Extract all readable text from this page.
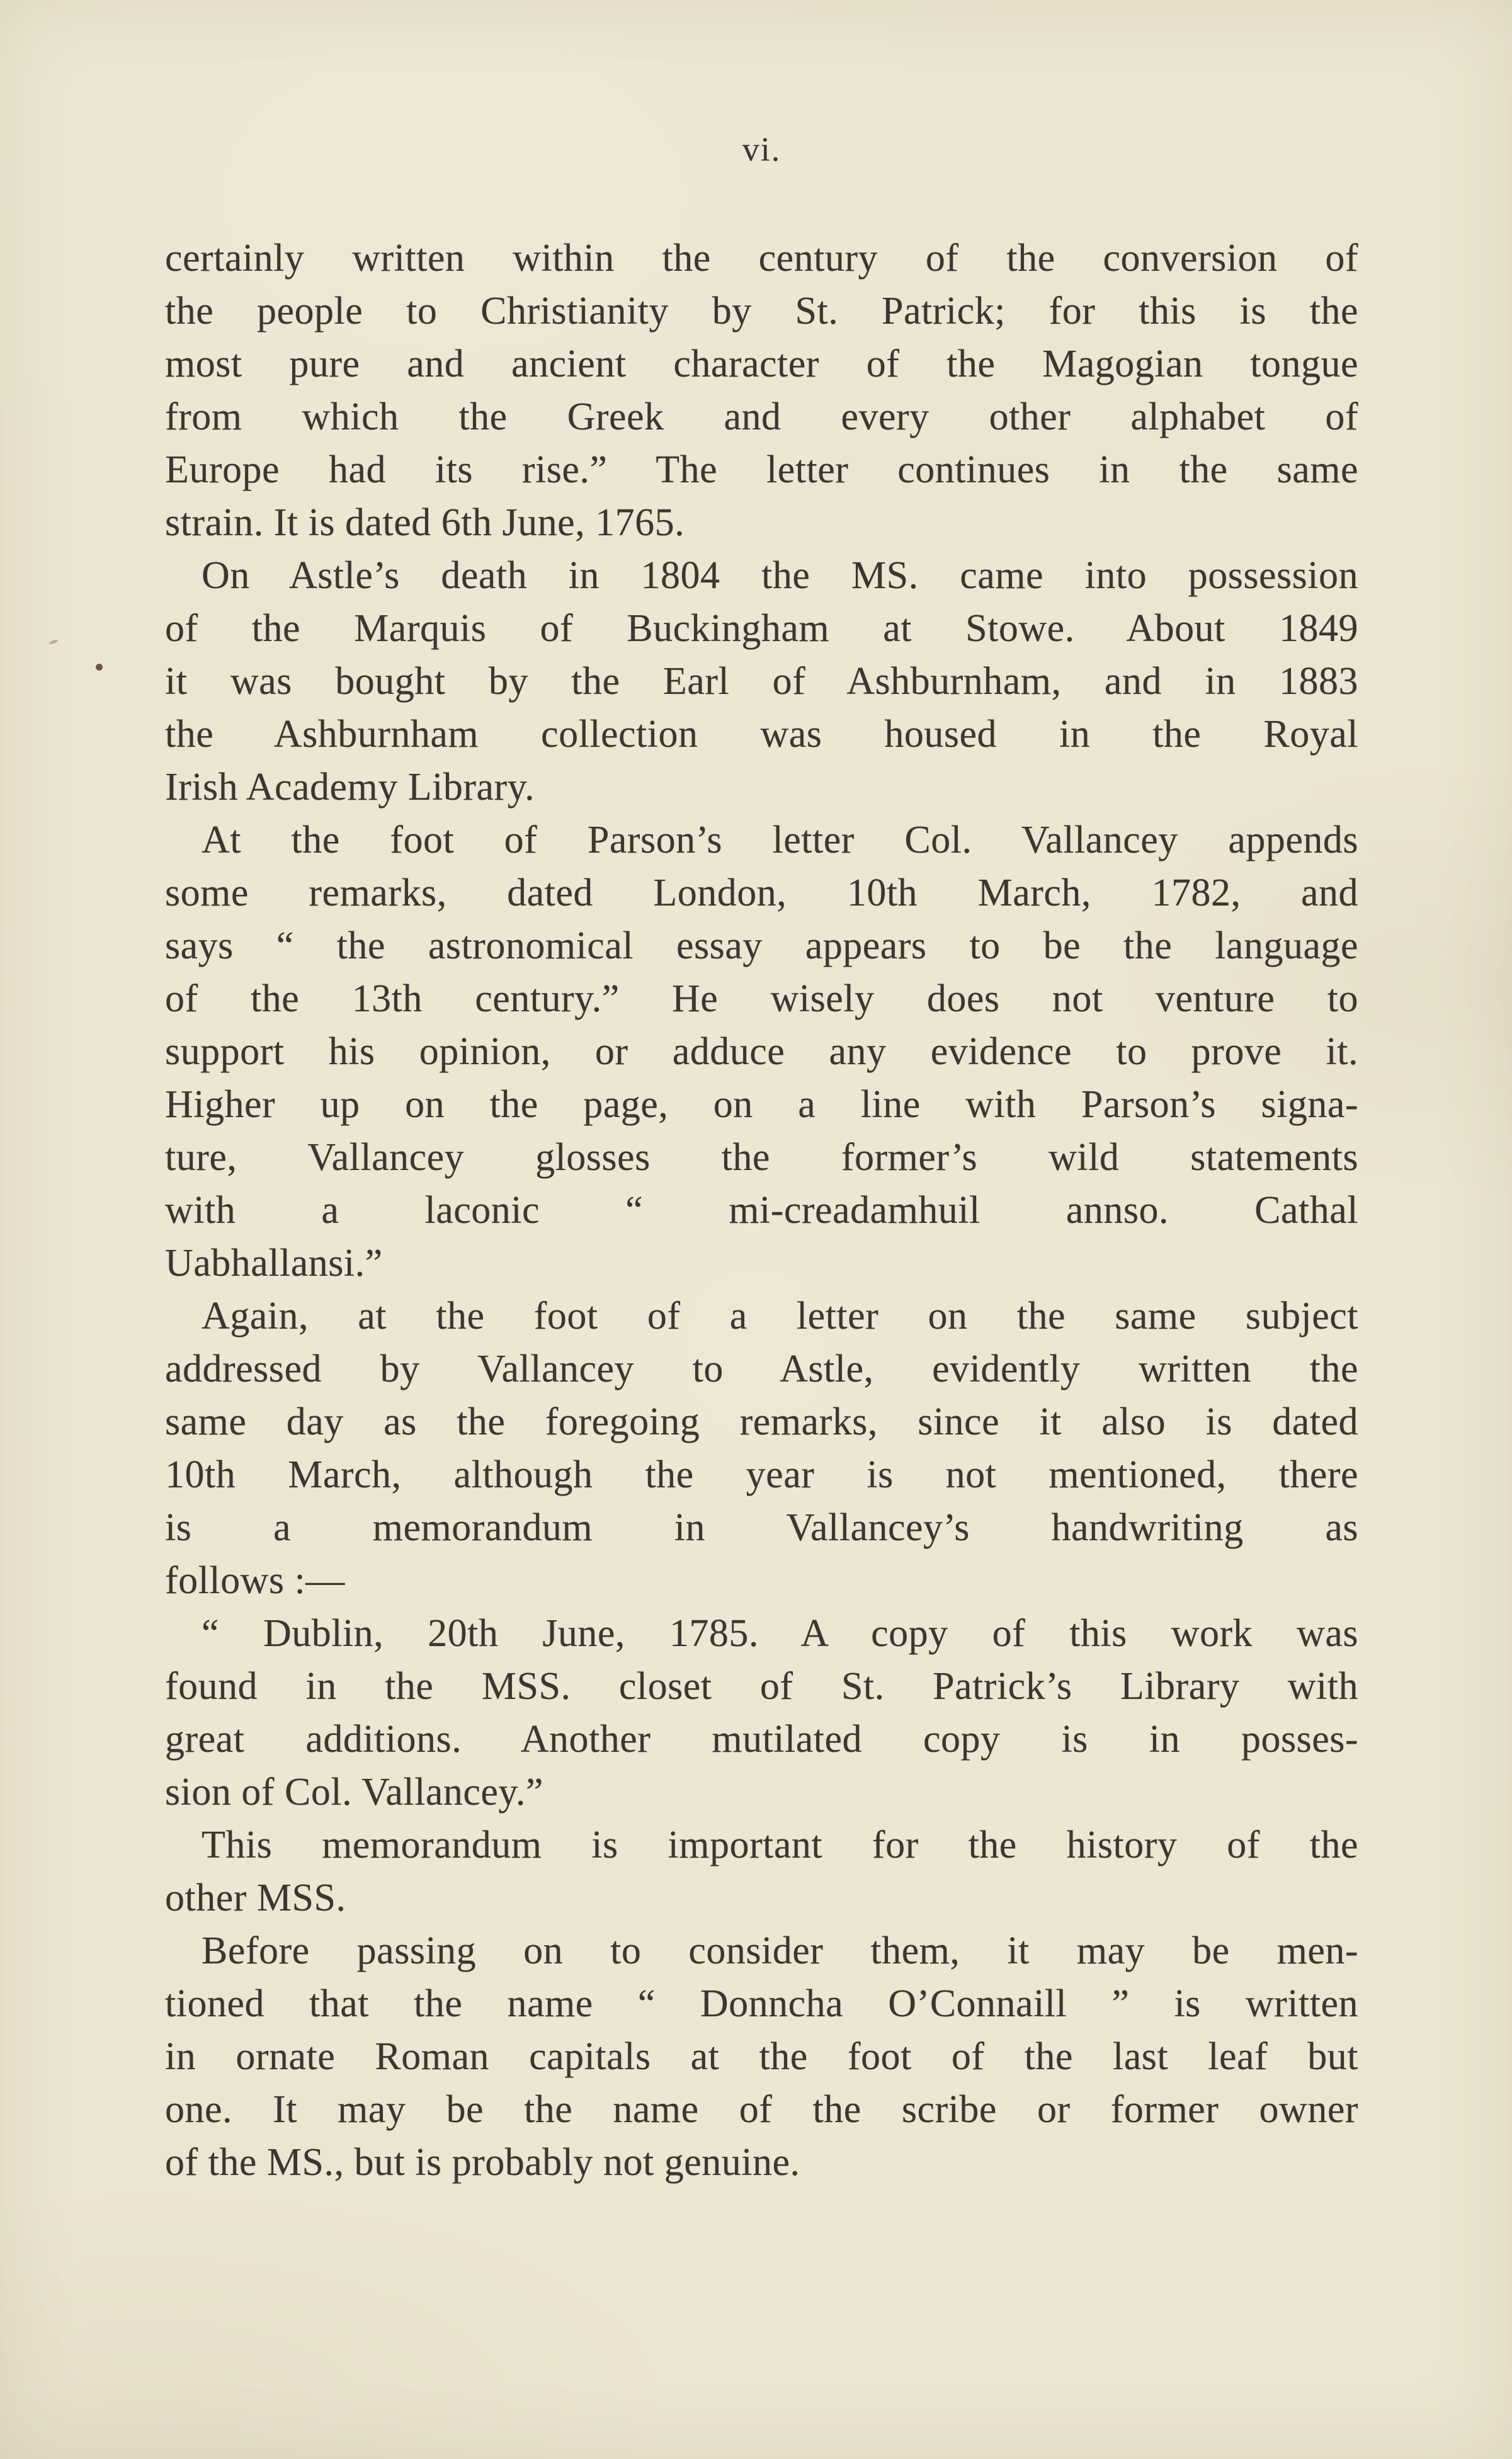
vi.
certainly written within the century of the conversion of
the people to Christianity by St. Patrick; for this is the
most pure and ancient character of the Magogian tongue
from which the Greek and every other alphabet of
Europe had its rise.” The letter continues in the same
strain. It is dated 6th June, 1765.
On Astle’s death in 1804 the MS. came into possession
of the Marquis of Buckingham at Stowe. About 1849
it was bought by the Earl of Ashburnham, and in 1883
the Ashburnham collection was housed in the Royal
Irish Academy Library.
At the foot of Parson’s letter Col. Vallancey appends
some remarks, dated London, 10th March, 1782, and
says “ the astronomical essay appears to be the language
of the 13th century.” He wisely does not venture to
support his opinion, or adduce any evidence to prove it.
Higher up on the page, on a line with Parson’s signa-
ture, Vallancey glosses the former’s wild statements
with a laconic “ mi-creadamhuil annso. Cathal
Uabhallansi.”
Again, at the foot of a letter on the same subject
addressed by Vallancey to Astle, evidently written the
same day as the foregoing remarks, since it also is dated
10th March, although the year is not mentioned, there
is a memorandum in Vallancey’s handwriting as
follows :—
“ Dublin, 20th June, 1785. A copy of this work was
found in the MSS. closet of St. Patrick’s Library with
great additions. Another mutilated copy is in posses-
sion of Col. Vallancey.”
This memorandum is important for the history of the
other MSS.
Before passing on to consider them, it may be men-
tioned that the name “ Donncha O’Connaill ” is written
in ornate Roman capitals at the foot of the last leaf but
one. It may be the name of the scribe or former owner
of the MS., but is probably not genuine.
